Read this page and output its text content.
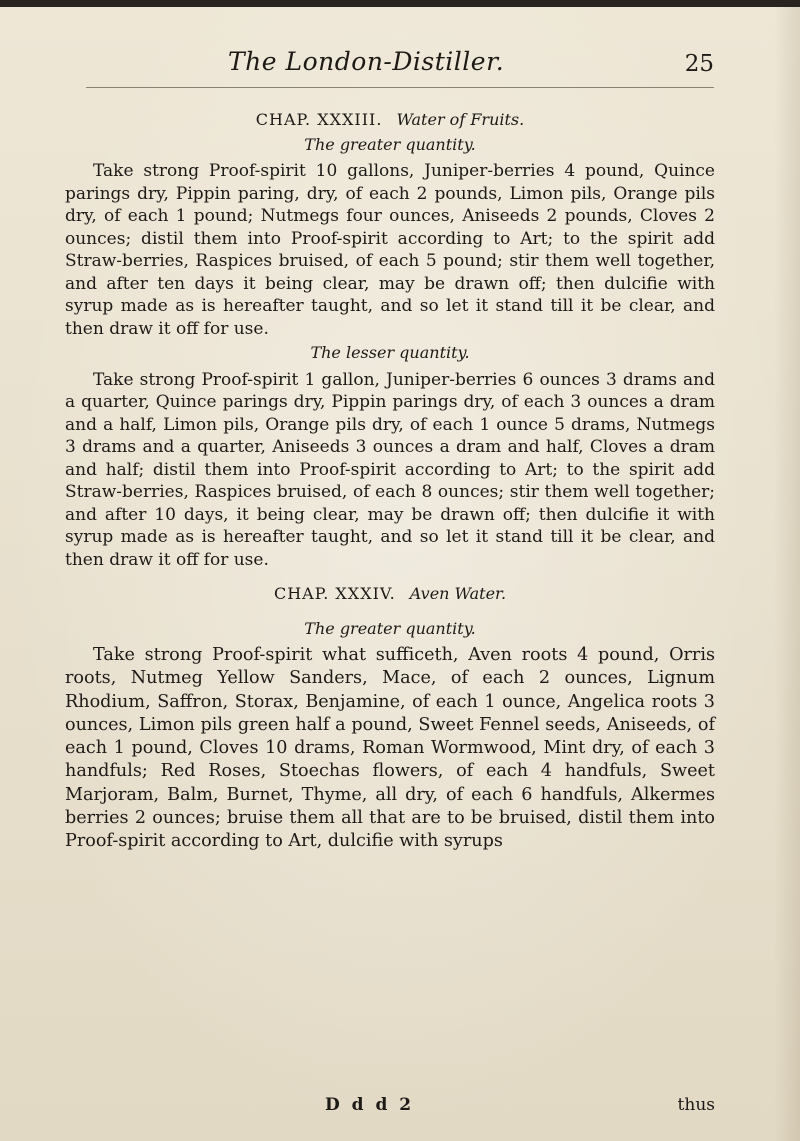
The London-Distiller.	25
CHAP. XXXIII. Water of Fruits.
The greater quantity.

Take strong Proof-spirit 10 gallons, Juniper-berries 4 pound, Quince parings dry, Pippin paring, dry, of each 2 pounds, Limon pils, Orange pils dry, of each 1 pound; Nutmegs four ounces, Aniseeds 2 pounds, Cloves 2 ounces; distil them into Proof-spirit according to Art; to the spirit add Straw-berries, Raspices bruised, of each 5 pound; stir them well together, and after ten days it being clear, may be drawn off; then dulcifie with syrup made as is hereafter taught, and so let it stand till it be clear, and then draw it off for use.

The lesser quantity.

Take strong Proof-spirit 1 gallon, Juniper-berries 6 ounces 3 drams and a quarter, Quince parings dry, Pippin parings dry, of each 3 ounces a dram and a half, Limon pils, Orange pils dry, of each 1 ounce 5 drams, Nutmegs 3 drams and a quarter, Aniseeds 3 ounces a dram and half, Cloves a dram and half; distil them into Proof-spirit according to Art; to the spirit add Straw-berries, Raspices bruised, of each 8 ounces; stir them well together; and after 10 days, it being clear, may be drawn off; then dulcifie it with syrup made as is hereafter taught, and so let it stand till it be clear, and then draw it off for use.

CHAP. XXXIV. Aven Water.
The greater quantity.

Take strong Proof-spirit what sufficeth, Aven roots 4 pound, Orris roots, Nutmeg Yellow Sanders, Mace, of each 2 ounces, Lignum Rhodium, Saffron, Storax, Benjamine, of each 1 ounce, Angelica roots 3 ounces, Limon pils green half a pound, Sweet Fennel seeds, Aniseeds, of each 1 pound, Cloves 10 drams, Roman Wormwood, Mint dry, of each 3 handfuls; Red Roses, Stoechas flowers, of each 4 handfuls, Sweet Marjoram, Balm, Burnet, Thyme, all dry, of each 6 handfuls, Alkermes berries 2 ounces; bruise them all that are to be bruised, distil them into Proof-spirit according to Art, dulcifie with syrups

D d d 2	thus
